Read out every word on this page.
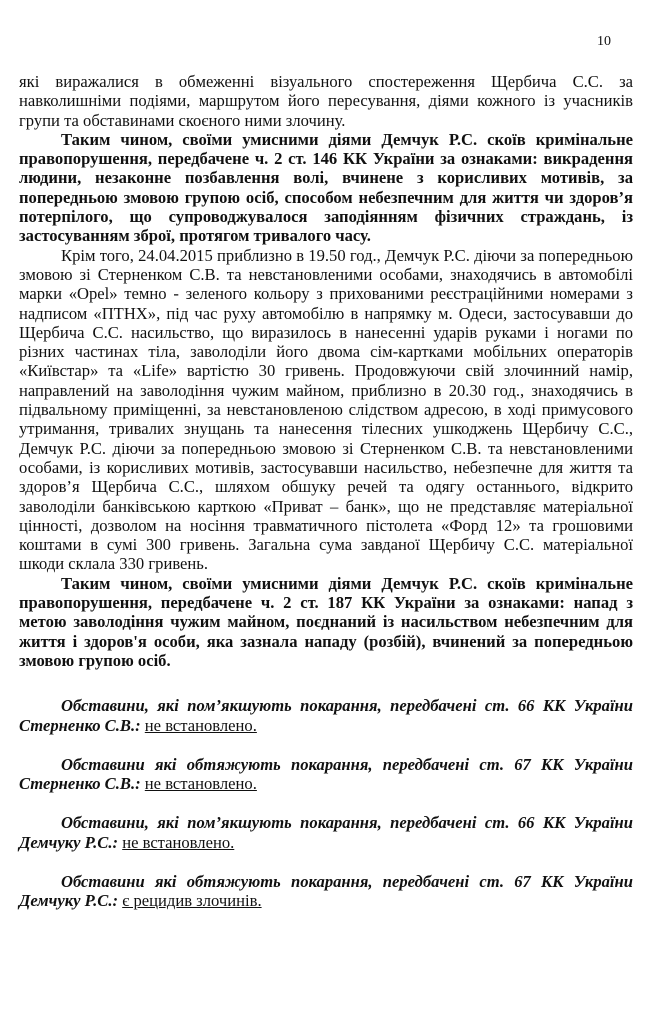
10

які виражалися в обмеженні візуального спостереження Щербича С.С. за навколишніми подіями, маршрутом його пересування, діями кожного із учасників групи та обставинами скоєного ними злочину.

Таким чином, своїми умисними діями Демчук Р.С. скоїв кримінальне правопорушення, передбачене ч. 2 ст. 146 КК України за ознаками: викрадення людини, незаконне позбавлення волі, вчинене з корисливих мотивів, за попередньою змовою групою осіб, способом небезпечним для життя чи здоров’я потерпілого, що супроводжувалося заподіянням фізичних страждань, із застосуванням зброї, протягом тривалого часу.

Крім того, 24.04.2015 приблизно в 19.50 год., Демчук Р.С. діючи за попередньою змовою зі Стерненком С.В. та невстановленими особами, знаходячись в автомобілі марки «Opel» темно - зеленого кольору з прихованими реєстраційними номерами з надписом «ПТНХ», під час руху автомобілю в напрямку м. Одеси, застосувавши до Щербича С.С. насильство, що виразилось в нанесенні ударів руками і ногами по різних частинах тіла, заволоділи його двома сім-картками мобільних операторів «Київстар» та «Life» вартістю 30 гривень. Продовжуючи свій злочинний намір, направлений на заволодіння чужим майном, приблизно в 20.30 год., знаходячись в підвальному приміщенні, за невстановленою слідством адресою, в ході примусового утримання, тривалих знущань та нанесення тілесних ушкоджень Щербичу С.С., Демчук Р.С. діючи за попередньою змовою зі Стерненком С.В. та невстановленими особами, із корисливих мотивів, застосувавши насильство, небезпечне для життя та здоров’я Щербича С.С., шляхом обшуку речей та одягу останнього, відкрито заволоділи банківською карткою «Приват – банк», що не представляє матеріальної цінності, дозволом на носіння травматичного пістолета «Форд 12» та грошовими коштами в сумі 300 гривень. Загальна сума завданої Щербичу С.С. матеріальної шкоди склала 330 гривень.

Таким чином, своїми умисними діями Демчук Р.С. скоїв кримінальне правопорушення, передбачене ч. 2 ст. 187 КК України за ознаками: напад з метою заволодіння чужим майном, поєднаний із насильством небезпечним для життя і здоров'я особи, яка зазнала нападу (розбій), вчинений за попередньою змовою групою осіб.

Обставини, які пом’якшують покарання, передбачені ст. 66 КК України Стерненко С.В.: не встановлено.

Обставини які обтяжують покарання, передбачені ст. 67 КК України Стерненко С.В.: не встановлено.

Обставини, які пом’якшують покарання, передбачені ст. 66 КК України Демчуку Р.С.: не встановлено.

Обставини які обтяжують покарання, передбачені ст. 67 КК України Демчуку Р.С.: є рецидив злочинів.
